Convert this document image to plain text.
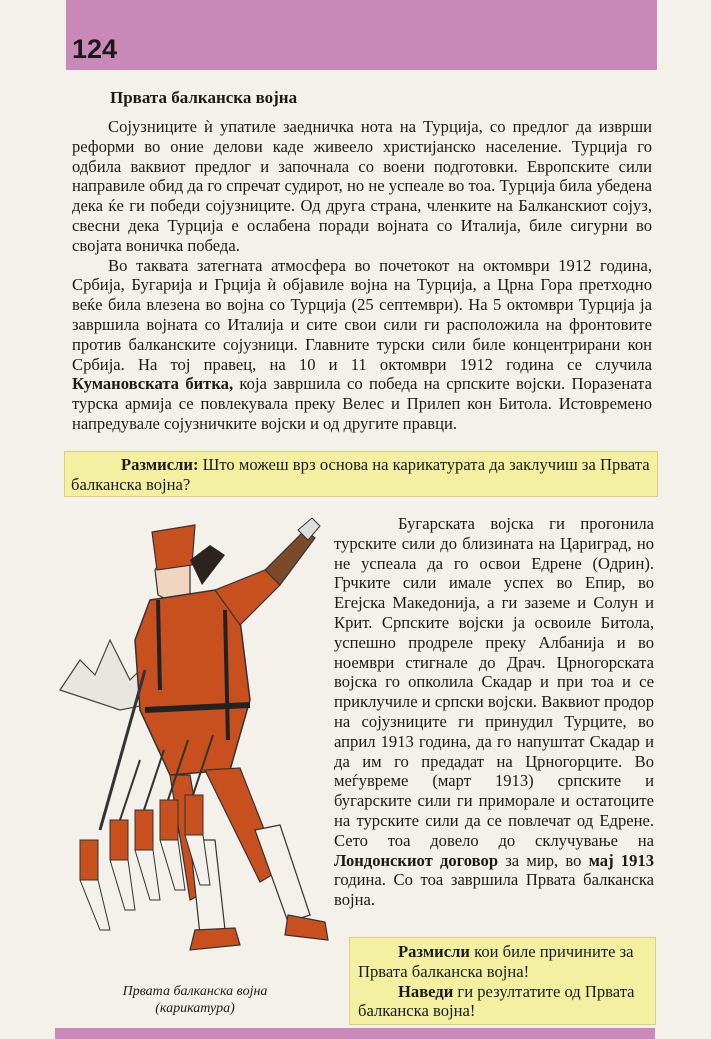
124
Првата балканска војна

Сојузниците ѝ упатиле заедничка нота на Турција, со предлог да изврши реформи во оние делови каде живеело христијанско население. Турција го одбила ваквиот предлог и започнала со воени подготовки. Европските сили направиле обид да го спречат судирот, но не успеале во тоа. Турција била убедена дека ќе ги победи сојузниците. Од друга страна, членките на Балканскиот сојуз, свесни дека Турција е ослабена поради војната со Италија, биле сигурни во својата воничка победа.

Во таквата затегната атмосфера во почетокот на октомври 1912 година, Србија, Бугарија и Грција ѝ објавиле војна на Турција, а Црна Гора претходно веќе била влезена во војна со Турција (25 септември). На 5 октомври Турција ја завршила војната со Италија и сите свои сили ги расположила на фронтовите против балканските сојузници. Главните турски сили биле концентрирани кон Србија. На тој правец, на 10 и 11 октомври 1912 година се случила Кумановската битка, која завршила со победа на српските војски. Поразената турска армија се повлекувала преку Велес и Прилеп кон Битола. Истовремено напредувале сојузничките војски и од другите правци.

Размисли: Што можеш врз основа на карикатурата да заклучиш за Првата балканска војна?
Првата балканска војна
(карикатура)

Бугарската војска ги прогонила турските сили до близината на Цариград, но не успеала да го освои Едрене (Одрин). Грчките сили имале успех во Епир, во Егејска Македонија, а ги заземе и Солун и Крит. Српските војски ја освоиле Битола, успешно продреле преку Албанија и во ноември стигнале до Драч. Црногорската војска го опколила Скадар и при тоа и се приклучиле и српски војски. Ваквиот продор на сојузниците ги принудил Турците, во април 1913 година, да го напуштат Скадар и да им го предадат на Црногорците. Во меѓувреме (март 1913) српските и бугарските сили ги приморале и остатоците на турските сили да се повлечат од Едрене. Сето тоа довело до склучување на Лондонскиот договор за мир, во мај 1913 година. Со тоа завршила Првата балканска војна.

Размисли кои биле причините за Првата балканска војна!

Наведи ги резултатите од Првата балканска војна!
